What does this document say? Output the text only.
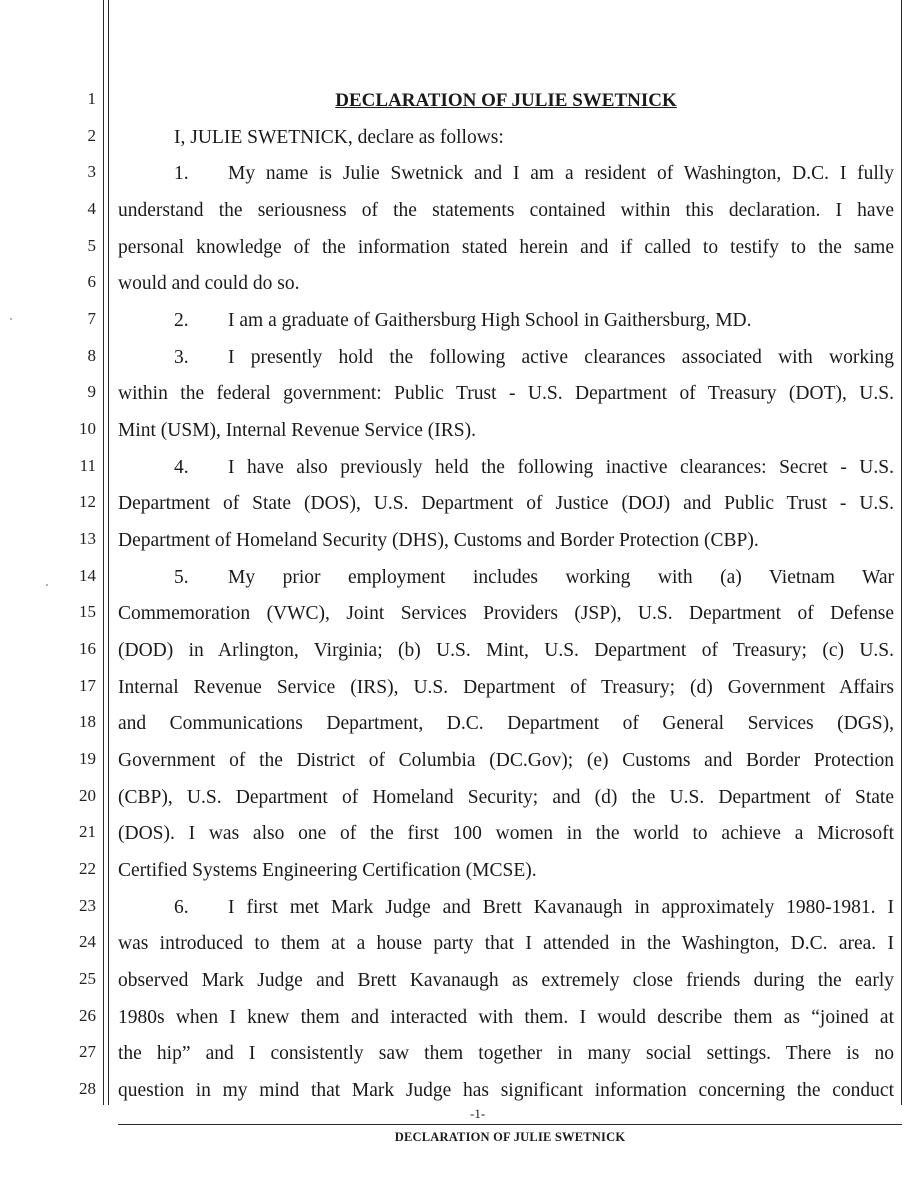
1
2
3
4
5
6
7
8
9
10
11
12
13
14
15
16
17
18
19
20
21
22
23
24
25
26
27
28
DECLARATION OF JULIE SWETNICK
I, JULIE SWETNICK, declare as follows:
1. My name is Julie Swetnick and I am a resident of Washington, D.C. I fully
understand the seriousness of the statements contained within this declaration. I have
personal knowledge of the information stated herein and if called to testify to the same
would and could do so.
2. I am a graduate of Gaithersburg High School in Gaithersburg, MD.
3. I presently hold the following active clearances associated with working
within the federal government: Public Trust - U.S. Department of Treasury (DOT), U.S.
Mint (USM), Internal Revenue Service (IRS).
4. I have also previously held the following inactive clearances: Secret - U.S.
Department of State (DOS), U.S. Department of Justice (DOJ) and Public Trust - U.S.
Department of Homeland Security (DHS), Customs and Border Protection (CBP).
5. My prior employment includes working with (a) Vietnam War
Commemoration (VWC), Joint Services Providers (JSP), U.S. Department of Defense
(DOD) in Arlington, Virginia; (b) U.S. Mint, U.S. Department of Treasury; (c) U.S.
Internal Revenue Service (IRS), U.S. Department of Treasury; (d) Government Affairs
and Communications Department, D.C. Department of General Services (DGS),
Government of the District of Columbia (DC.Gov); (e) Customs and Border Protection
(CBP), U.S. Department of Homeland Security; and (d) the U.S. Department of State
(DOS). I was also one of the first 100 women in the world to achieve a Microsoft
Certified Systems Engineering Certification (MCSE).
6. I first met Mark Judge and Brett Kavanaugh in approximately 1980-1981. I
was introduced to them at a house party that I attended in the Washington, D.C. area. I
observed Mark Judge and Brett Kavanaugh as extremely close friends during the early
1980s when I knew them and interacted with them. I would describe them as “joined at
the hip” and I consistently saw them together in many social settings. There is no
question in my mind that Mark Judge has significant information concerning the conduct
-1-
DECLARATION OF JULIE SWETNICK
